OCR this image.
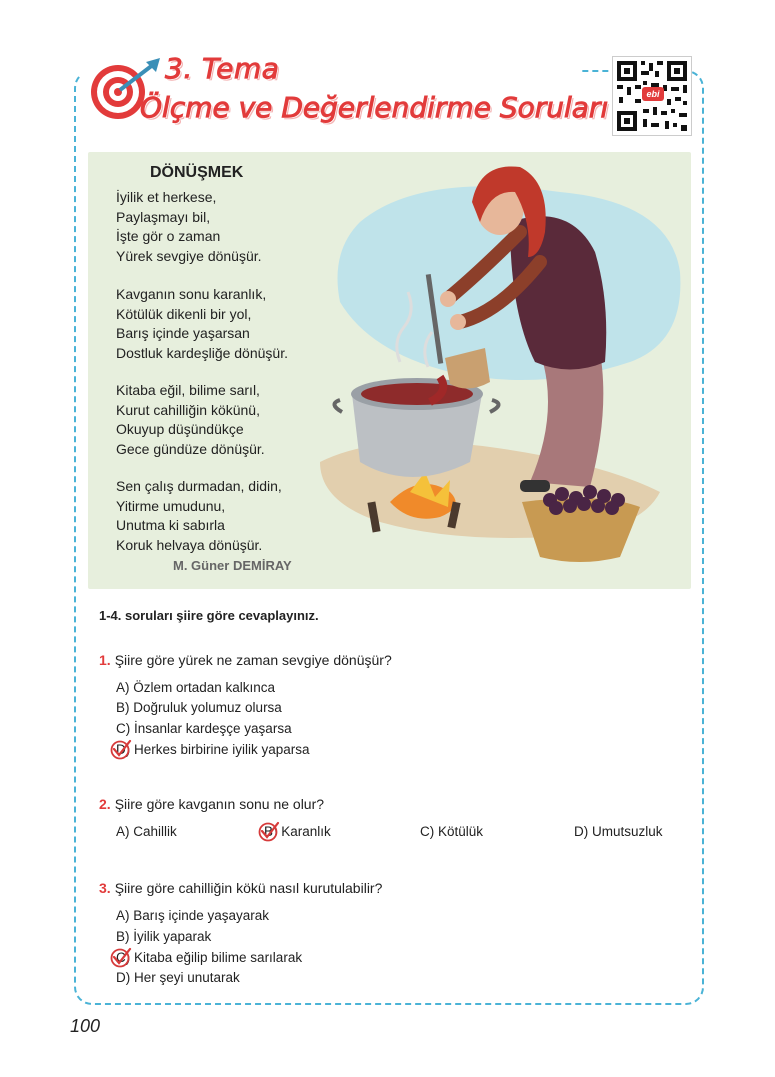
3. Tema
Ölçme ve Değerlendirme Soruları	ebi
DÖNÜŞMEK
İyilik et herkese,
Paylaşmayı bil,
İşte gör o zaman
Yürek sevgiye dönüşür.
Kavganın sonu karanlık,
Kötülük dikenli bir yol,
Barış içinde yaşarsan
Dostluk kardeşliğe dönüşür.
Kitaba eğil, bilime sarıl,
Kurut cahilliğin kökünü,
Okuyup düşündükçe
Gece gündüze dönüşür.
Sen çalış durmadan, didin,
Yitirme umudunu,
Unutma ki sabırla
Koruk helvaya dönüşür.
M. Güner DEMİRAY
1-4. soruları şiire göre cevaplayınız.
1. Şiire göre yürek ne zaman sevgiye dönüşür?
A) Özlem ortadan kalkınca
B) Doğruluk yolumuz olursa
C) İnsanlar kardeşçe yaşarsa
D) Herkes birbirine iyilik yaparsa
2. Şiire göre kavganın sonu ne olur?
A) Cahillik	B) Karanlık	C) Kötülük	D) Umutsuzluk
3. Şiire göre cahilliğin kökü nasıl kurutulabilir?
A) Barış içinde yaşayarak
B) İyilik yaparak
C) Kitaba eğilip bilime sarılarak
D) Her şeyi unutarak
100
